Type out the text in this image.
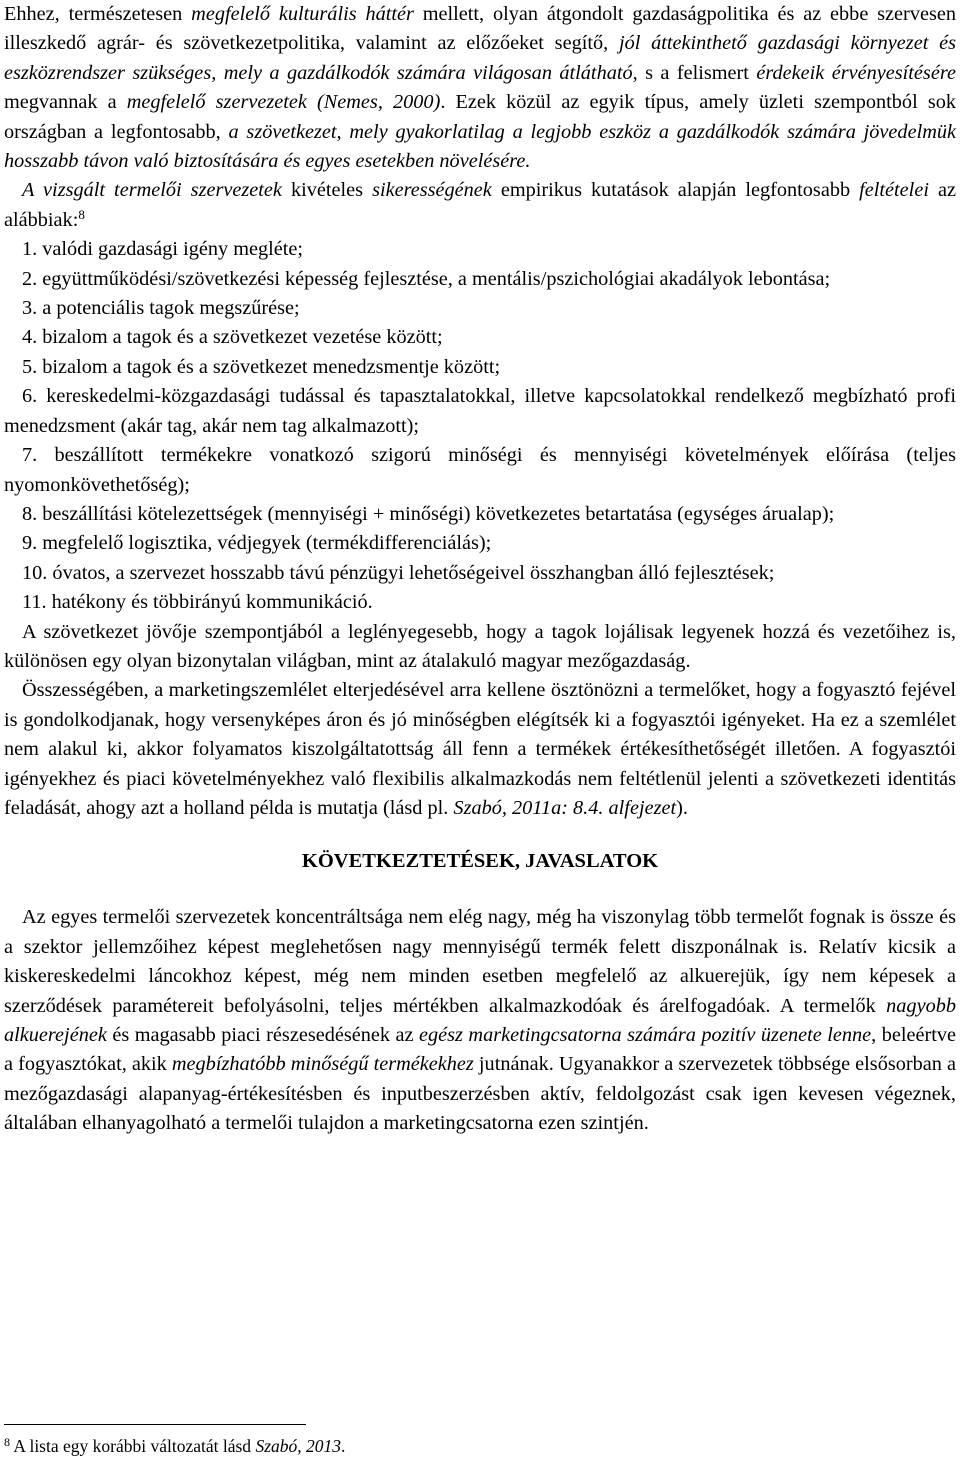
Ehhez, természetesen megfelelő kulturális háttér mellett, olyan átgondolt gazdaságpolitika és az ebbe szervesen illeszkedő agrár- és szövetkezetpolitika, valamint az előzőeket segítő, jól áttekinthető gazdasági környezet és eszközrendszer szükséges, mely a gazdálkodók számára világosan átlátható, s a felismert érdekeik érvényesítésére megvannak a megfelelő szervezetek (Nemes, 2000). Ezek közül az egyik típus, amely üzleti szempontból sok országban a legfontosabb, a szövetkezet, mely gyakorlatilag a legjobb eszköz a gazdálkodók számára jövedelmük hosszabb távon való biztosítására és egyes esetekben növelésére.

A vizsgált termelői szervezetek kivételes sikerességének empirikus kutatások alapján legfontosabb feltételei az alábbiak:$^8$

1. valódi gazdasági igény megléte;

2. együttműködési/szövetkezési képesség fejlesztése, a mentális/pszichológiai akadályok lebontása;

3. a potenciális tagok megszűrése;

4. bizalom a tagok és a szövetkezet vezetése között;

5. bizalom a tagok és a szövetkezet menedzsmentje között;

6. kereskedelmi-közgazdasági tudással és tapasztalatokkal, illetve kapcsolatokkal rendelkező megbízható profi menedzsment (akár tag, akár nem tag alkalmazott);

7. beszállított termékekre vonatkozó szigorú minőségi és mennyiségi követelmények előírása (teljes nyomonkövethetőség);

8. beszállítási kötelezettségek (mennyiségi + minőségi) következetes betartatása (egységes árualap);

9. megfelelő logisztika, védjegyek (termékdifferenciálás);

10. óvatos, a szervezet hosszabb távú pénzügyi lehetőségeivel összhangban álló fejlesztések;

11. hatékony és többirányú kommunikáció.

A szövetkezet jövője szempontjából a leglényegesebb, hogy a tagok lojálisak legyenek hozzá és vezetőihez is, különösen egy olyan bizonytalan világban, mint az átalakuló magyar mezőgazdaság.

Összességében, a marketingszemlélet elterjedésével arra kellene ösztönözni a termelőket, hogy a fogyasztó fejével is gondolkodjanak, hogy versenyképes áron és jó minőségben elégítsék ki a fogyasztói igényeket. Ha ez a szemlélet nem alakul ki, akkor folyamatos kiszolgáltatottság áll fenn a termékek értékesíthetőségét illetően. A fogyasztói igényekhez és piaci követelményekhez való flexibilis alkalmazkodás nem feltétlenül jelenti a szövetkezeti identitás feladását, ahogy azt a holland példa is mutatja (lásd pl. Szabó, 2011a: 8.4. alfejezet).

KÖVETKEZTETÉSEK, JAVASLATOK

Az egyes termelői szervezetek koncentráltsága nem elég nagy, még ha viszonylag több termelőt fognak is össze és a szektor jellemzőihez képest meglehetősen nagy mennyiségű termék felett diszponálnak is. Relatív kicsik a kiskereskedelmi láncokhoz képest, még nem minden esetben megfelelő az alkuerejük, így nem képesek a szerződések paramétereit befolyásolni, teljes mértékben alkalmazkodóak és árelfogadóak. A termelők nagyobb alkuerejének és magasabb piaci részesedésének az egész marketingcsatorna számára pozitív üzenete lenne, beleértve a fogyasztókat, akik megbízhatóbb minőségű termékekhez jutnának. Ugyanakkor a szervezetek többsége elsősorban a mezőgazdasági alapanyag-értékesítésben és inputbeszerzésben aktív, feldolgozást csak igen kevesen végeznek, általában elhanyagolható a termelői tulajdon a marketingcsatorna ezen szintjén.

$^8$ A lista egy korábbi változatát lásd Szabó, 2013.
